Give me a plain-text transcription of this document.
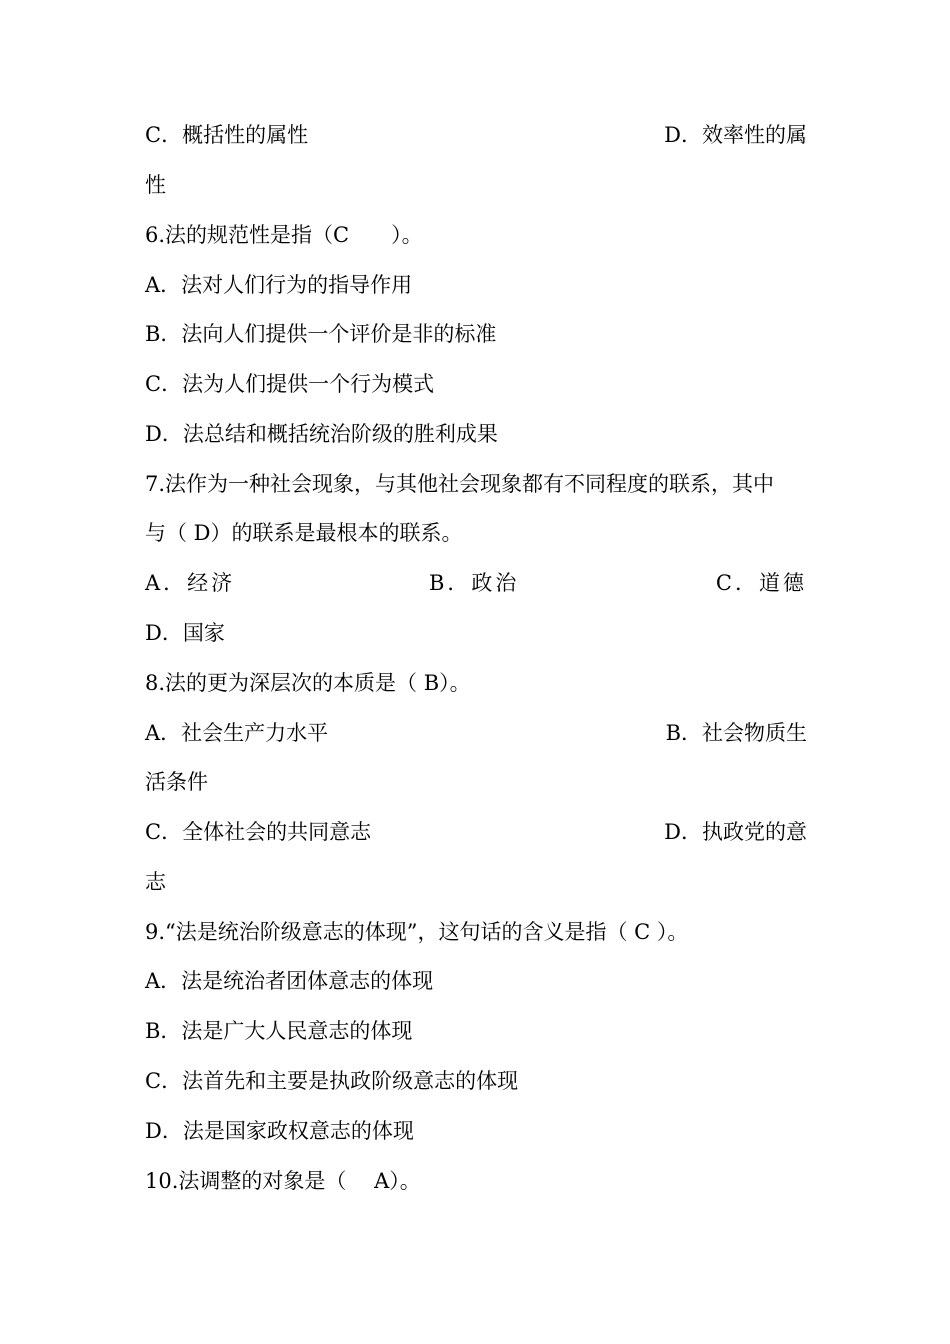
C．概括性的属性	D．效率性的属
性
6.法的规范性是指（C　　）。
A．法对人们行为的指导作用
B．法向人们提供一个评价是非的标准
C．法为人们提供一个行为模式
D．法总结和概括统治阶级的胜利成果
7.法作为一种社会现象，与其他社会现象都有不同程度的联系，其中
与（ D）的联系是最根本的联系。
A．经济	B．政治	C．道德
D．国家
8.法的更为深层次的本质是（ B）。
A．社会生产力水平	B．社会物质生
活条件
C．全体社会的共同意志	D．执政党的意
志
9.“法是统治阶级意志的体现”，这句话的含义是指（ C ）。
A．法是统治者团体意志的体现
B．法是广大人民意志的体现
C．法首先和主要是执政阶级意志的体现
D．法是国家政权意志的体现
10.法调整的对象是（　 A）。
